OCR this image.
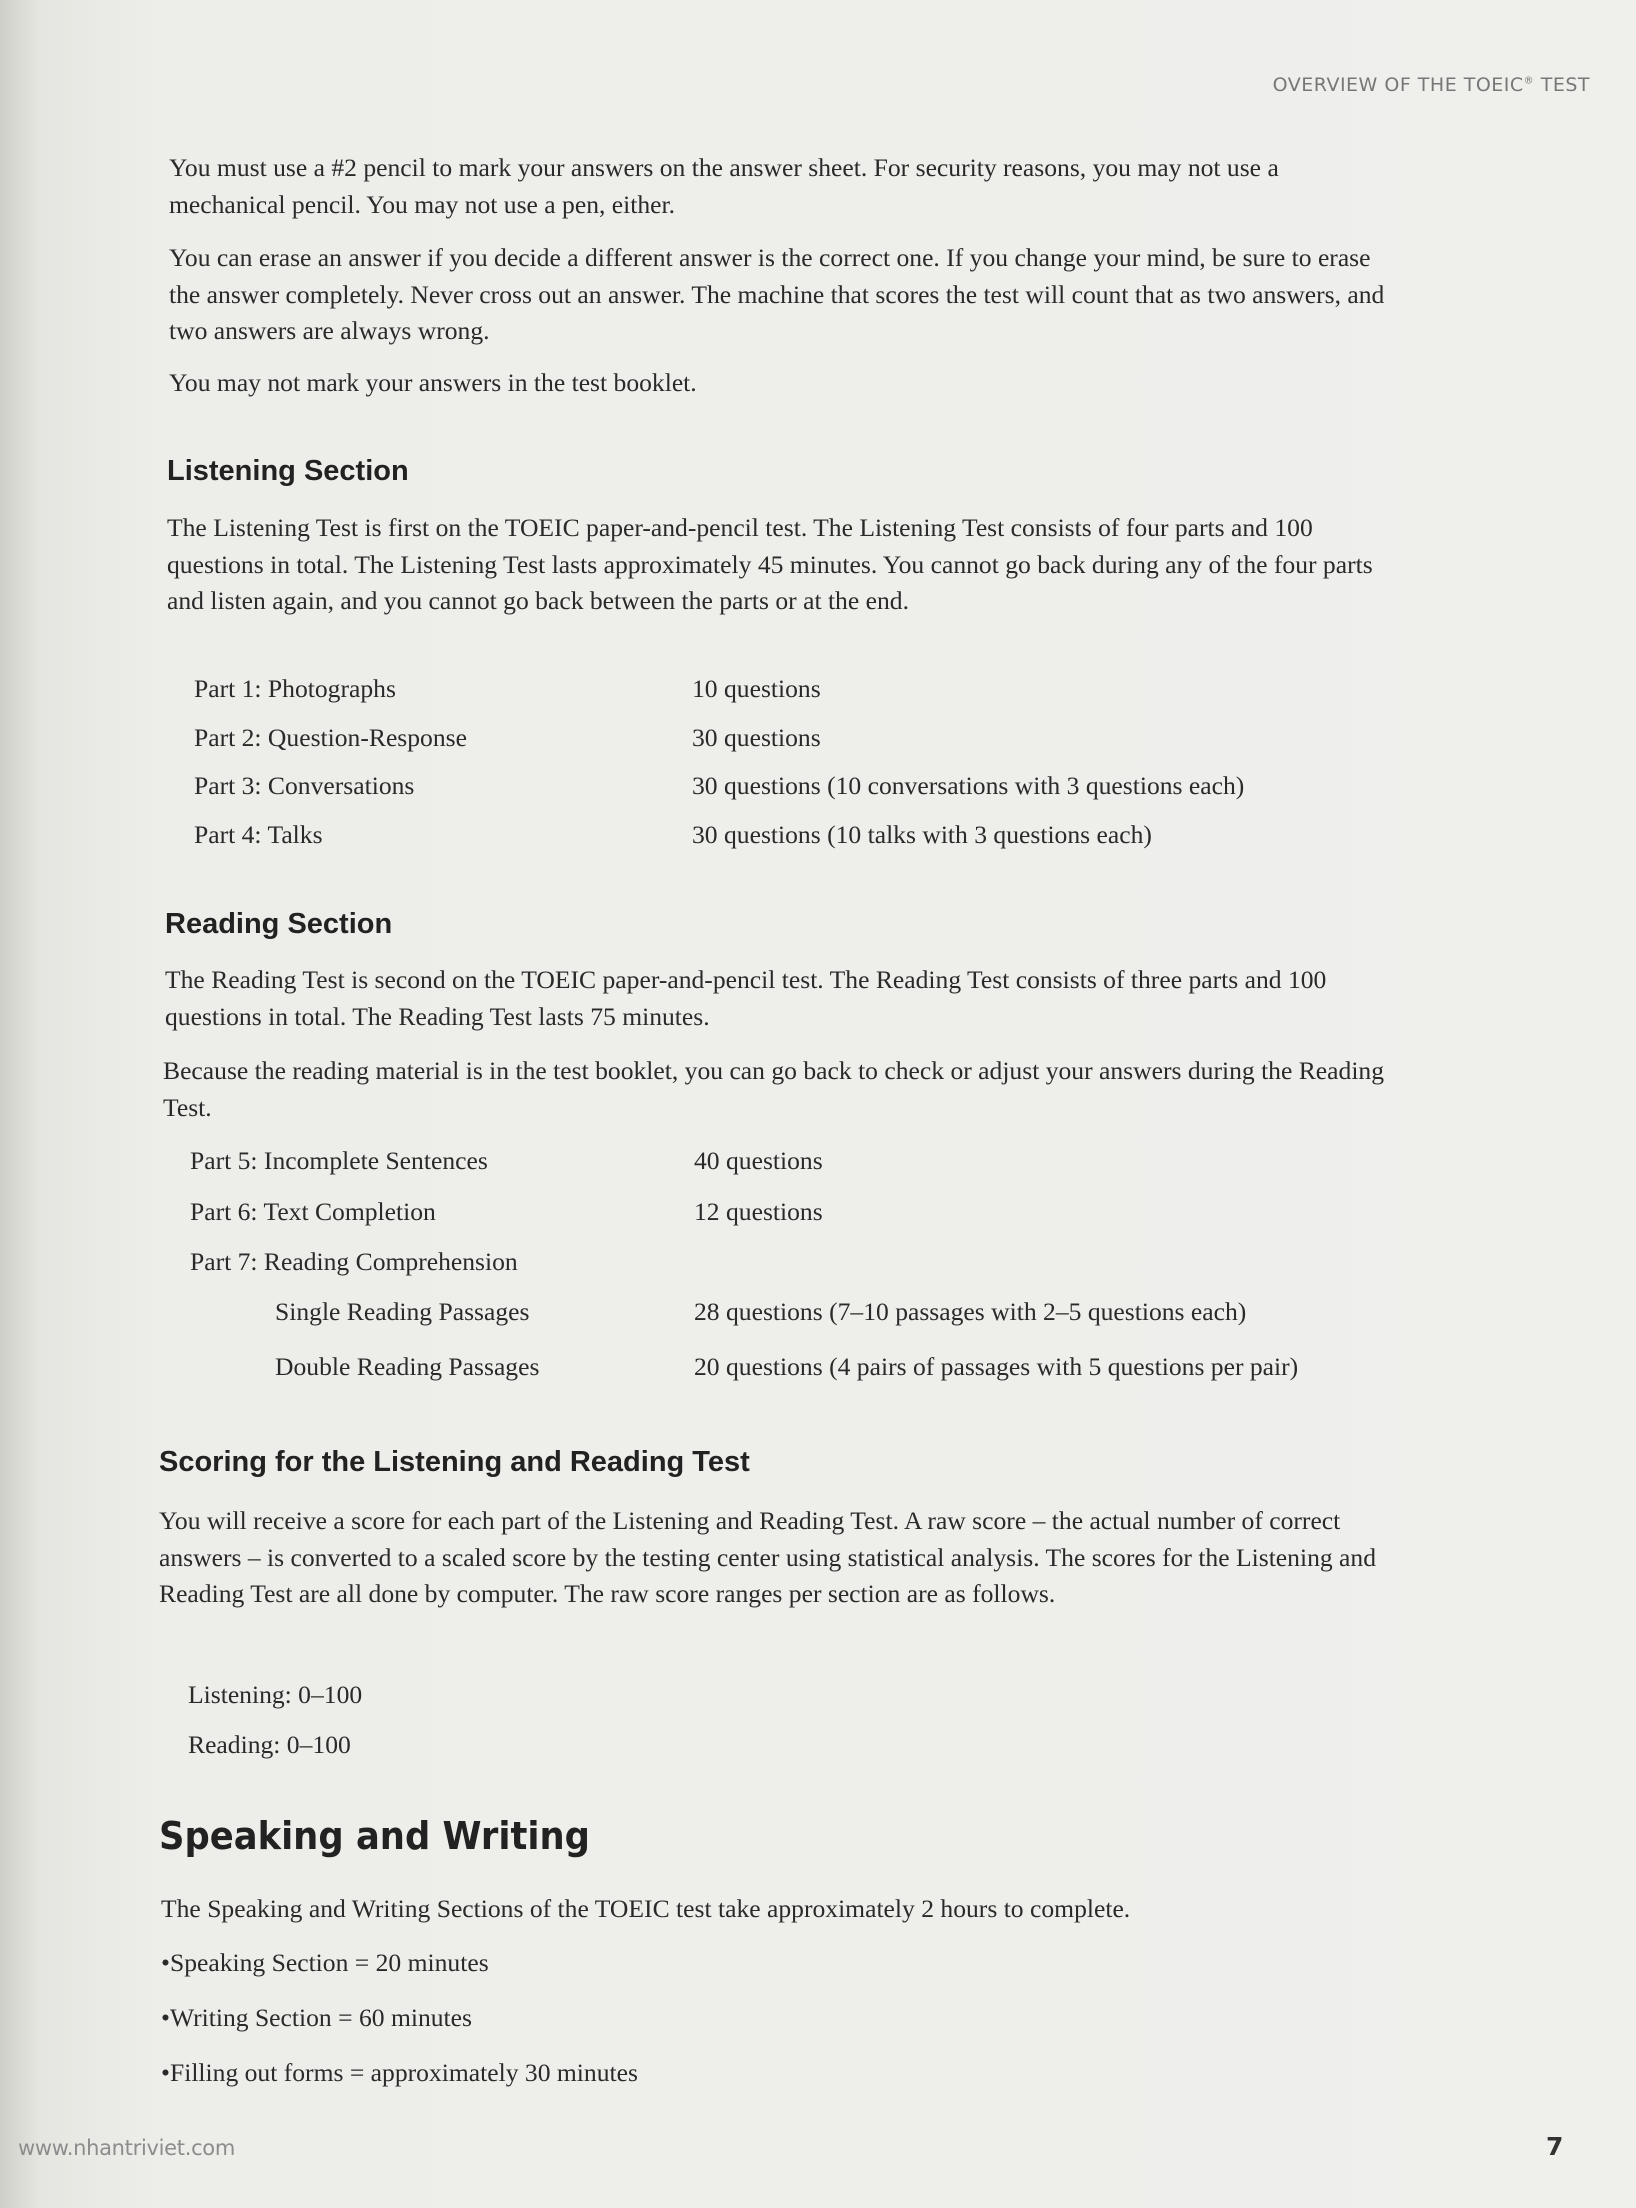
OVERVIEW OF THE TOEIC® TEST

You must use a #2 pencil to mark your answers on the answer sheet. For security reasons, you may not use a mechanical pencil. You may not use a pen, either.

You can erase an answer if you decide a different answer is the correct one. If you change your mind, be sure to erase the answer completely. Never cross out an answer. The machine that scores the test will count that as two answers, and two answers are always wrong.

You may not mark your answers in the test booklet.

Listening Section

The Listening Test is first on the TOEIC paper-and-pencil test. The Listening Test consists of four parts and 100 questions in total. The Listening Test lasts approximately 45 minutes. You cannot go back during any of the four parts and listen again, and you cannot go back between the parts or at the end.

Part 1: Photographs	10 questions
Part 2: Question-Response	30 questions
Part 3: Conversations	30 questions (10 conversations with 3 questions each)
Part 4: Talks	30 questions (10 talks with 3 questions each)
Reading Section

The Reading Test is second on the TOEIC paper-and-pencil test. The Reading Test consists of three parts and 100 questions in total. The Reading Test lasts 75 minutes.

Because the reading material is in the test booklet, you can go back to check or adjust your answers during the Reading Test.

Part 5: Incomplete Sentences	40 questions
Part 6: Text Completion	12 questions
Part 7: Reading Comprehension
Single Reading Passages	28 questions (7–10 passages with 2–5 questions each)
Double Reading Passages	20 questions (4 pairs of passages with 5 questions per pair)
Scoring for the Listening and Reading Test

You will receive a score for each part of the Listening and Reading Test. A raw score – the actual number of correct answers – is converted to a scaled score by the testing center using statistical analysis. The scores for the Listening and Reading Test are all done by computer. The raw score ranges per section are as follows.

Listening: 0–100
Reading: 0–100
Speaking and Writing

The Speaking and Writing Sections of the TOEIC test take approximately 2 hours to complete.

• Speaking Section = 20 minutes
• Writing Section = 60 minutes
• Filling out forms = approximately 30 minutes
www.nhantriviet.com	7
